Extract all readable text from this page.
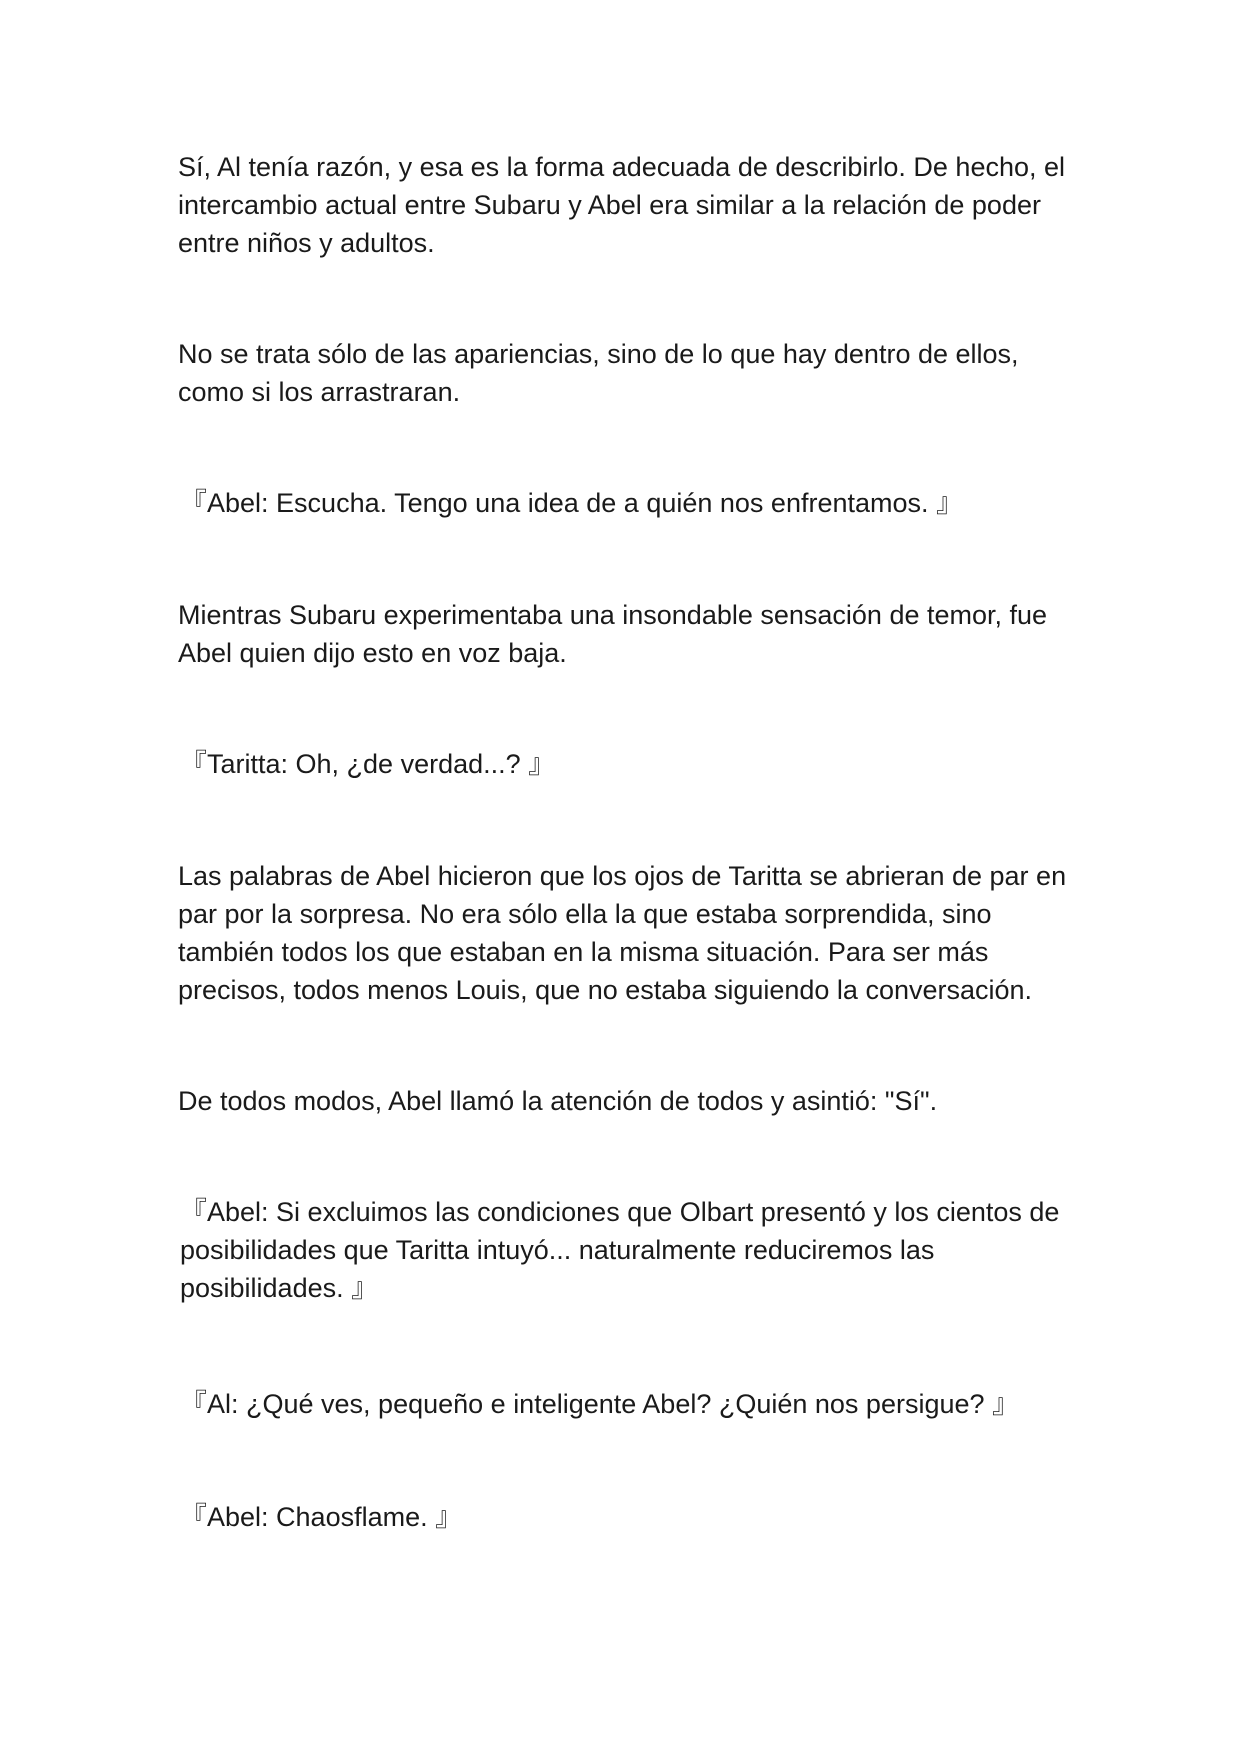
Sí, Al tenía razón, y esa es la forma adecuada de describirlo. De hecho, el intercambio actual entre Subaru y Abel era similar a la relación de poder entre niños y adultos.

No se trata sólo de las apariencias, sino de lo que hay dentro de ellos, como si los arrastraran.

『Abel: Escucha. Tengo una idea de a quién nos enfrentamos. 』

Mientras Subaru experimentaba una insondable sensación de temor, fue Abel quien dijo esto en voz baja.

『Taritta: Oh, ¿de verdad...? 』

Las palabras de Abel hicieron que los ojos de Taritta se abrieran de par en par por la sorpresa. No era sólo ella la que estaba sorprendida, sino también todos los que estaban en la misma situación. Para ser más precisos, todos menos Louis, que no estaba siguiendo la conversación.

De todos modos, Abel llamó la atención de todos y asintió: "Sí".

『Abel: Si excluimos las condiciones que Olbart presentó y los cientos de posibilidades que Taritta intuyó... naturalmente reduciremos las posibilidades. 』

『Al: ¿Qué ves, pequeño e inteligente Abel? ¿Quién nos persigue? 』

『Abel: Chaosflame. 』
